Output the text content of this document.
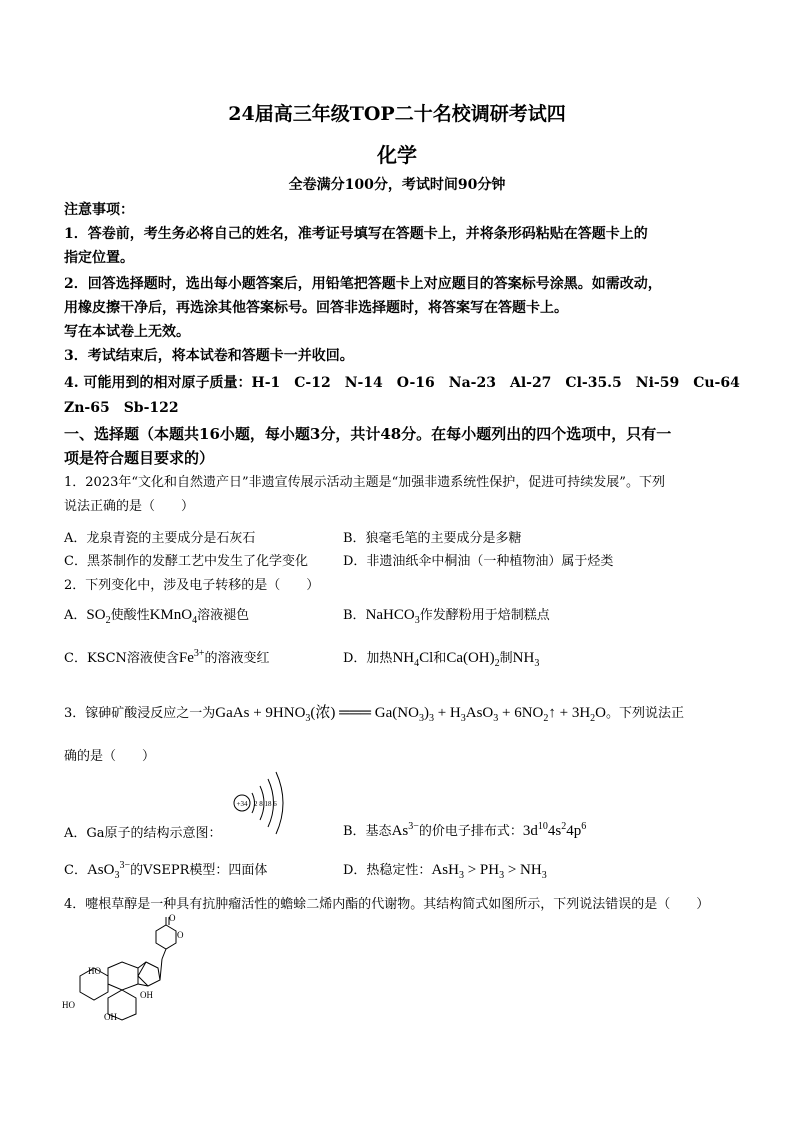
24届高三年级TOP二十名校调研考试四
化学
全卷满分100分，考试时间90分钟
注意事项：
1．答卷前，考生务必将自己的姓名，准考证号填写在答题卡上，并将条形码粘贴在答题卡上的
指定位置。
2．回答选择题时，选出每小题答案后，用铅笔把答题卡上对应题目的答案标号涂黑。如需改动，
用橡皮擦干净后，再选涂其他答案标号。回答非选择题时，将答案写在答题卡上。
写在本试卷上无效。
3．考试结束后，将本试卷和答题卡一并收回。
4. 可能用到的相对原子质量：H-1　C-12　N-14　O-16　Na-23　Al-27　Cl-35.5　Ni-59　Cu-64
Zn-65　Sb-122
一、选择题（本题共16小题，每小题3分，共计48分。在每小题列出的四个选项中，只有一
项是符合题目要求的）
1．2023年“文化和自然遗产日”非遗宣传展示活动主题是“加强非遗系统性保护，促进可持续发展”。下列
说法正确的是（　　）
A．龙泉青瓷的主要成分是石灰石	B．狼毫毛笔的主要成分是多糖
C．黑茶制作的发酵工艺中发生了化学变化	D．非遗油纸伞中桐油（一种植物油）属于烃类
2．下列变化中，涉及电子转移的是（　　）
A．$SO_2$使酸性KMnO$_4$溶液褪色	B．NaHCO$_3$作发酵粉用于焙制糕点
C．KSCN溶液使含$Fe^{3+}$的溶液变红	D．加热$NH_4Cl$和$Ca(OH)_2$制$NH_3$
3．镓砷矿酸浸反应之一为GaAs + $9HNO_3$(浓) ═══ $Ga(NO_3)_3 + H_3AsO_3$ + $6NO_2↑ + 3H_2O$。下列说法正
确的是（　　）
+34 2 8 18 6
A．Ga原子的结构示意图：	B．基态$As^{3-}$的价电子排布式：$3d^{10}4s^24p^6$
C．AsO$_3^{3-}$的VSEPR模型：四面体	D．热稳定性：$AsH_3 > PH_3 > NH_3$
4．嚏根草醇是一种具有抗肿瘤活性的蟾蜍二烯内酯的代谢物。其结构简式如图所示，下列说法错误的是（　　）
O
O
HO
HO
OH
OH
